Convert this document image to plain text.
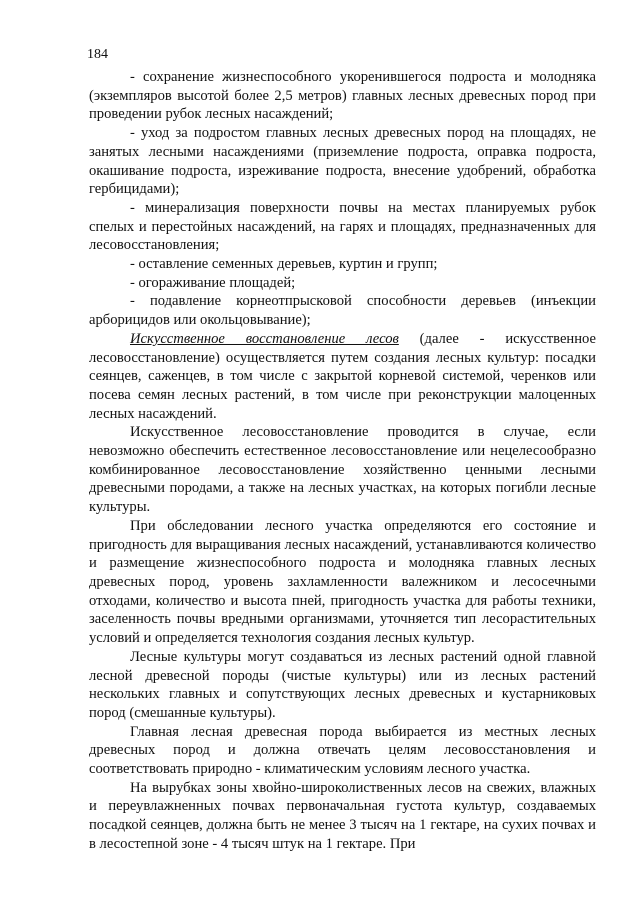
184

- сохранение жизнеспособного укоренившегося подроста и молодняка (экземпляров высотой более 2,5 метров) главных лесных древесных пород при проведении рубок лесных насаждений;

- уход за подростом главных лесных древесных пород на площадях, не занятых лесными насаждениями (приземление подроста, оправка подроста, окашивание подроста, изреживание подроста, внесение удобрений, обработка гербицидами);

- минерализация поверхности почвы на местах планируемых рубок спелых и перестойных насаждений, на гарях и площадях, предназначенных для лесовосстановления;

- оставление семенных деревьев, куртин и групп;

- огораживание площадей;

- подавление корнеотпрысковой способности деревьев (инъекции арборицидов или окольцовывание);

Искусственное восстановление лесов (далее - искусственное лесовосстановление) осуществляется путем создания лесных культур: посадки сеянцев, саженцев, в том числе с закрытой корневой системой, черенков или посева семян лесных растений, в том числе при реконструкции малоценных лесных насаждений.

Искусственное лесовосстановление проводится в случае, если невозможно обеспечить естественное лесовосстановление или нецелесообразно комбинированное лесовосстановление хозяйственно ценными лесными древесными породами, а также на лесных участках, на которых погибли лесные культуры.

При обследовании лесного участка определяются его состояние и пригодность для выращивания лесных насаждений, устанавливаются количество и размещение жизнеспособного подроста и молодняка главных лесных древесных пород, уровень захламленности валежником и лесосечными отходами, количество и высота пней, пригодность участка для работы техники, заселенность почвы вредными организмами, уточняется тип лесорастительных условий и определяется технология создания лесных культур.

Лесные культуры могут создаваться из лесных растений одной главной лесной древесной породы (чистые культуры) или из лесных растений нескольких главных и сопутствующих лесных древесных и кустарниковых пород (смешанные культуры).

Главная лесная древесная порода выбирается из местных лесных древесных пород и должна отвечать целям лесовосстановления и соответствовать природно - климатическим условиям лесного участка.

На вырубках зоны хвойно-широколиственных лесов на свежих, влажных и переувлажненных почвах первоначальная густота культур, создаваемых посадкой сеянцев, должна быть не менее 3 тысяч на 1 гектаре, на сухих почвах и в лесостепной зоне - 4 тысяч штук на 1 гектаре. При
